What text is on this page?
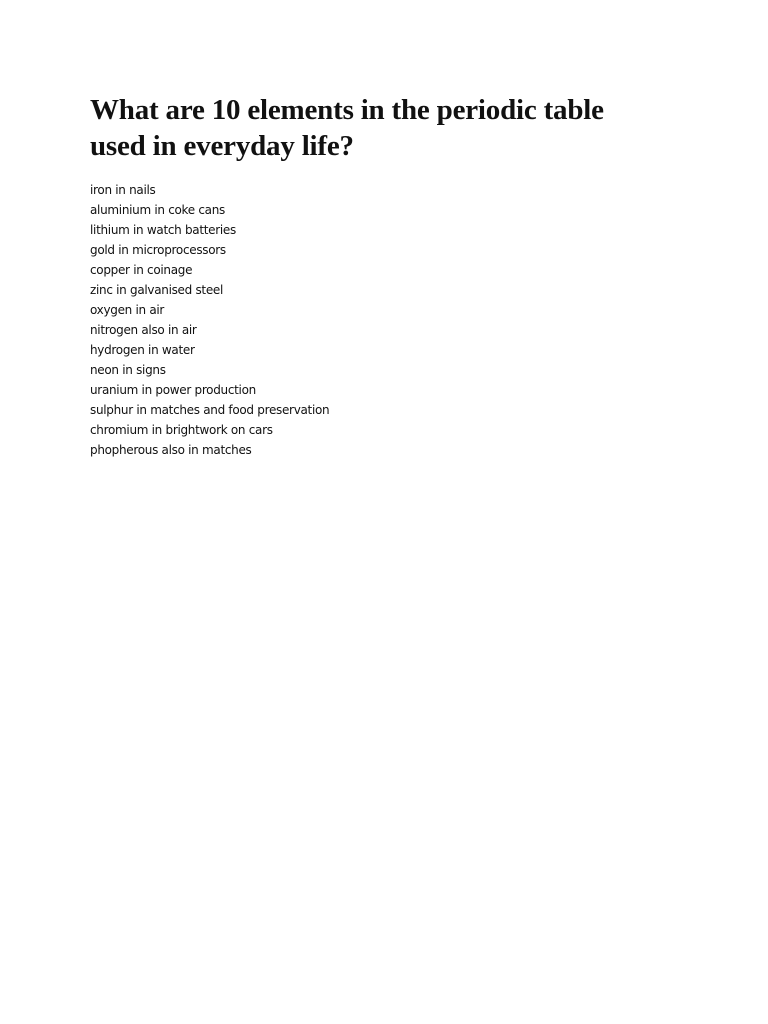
What are 10 elements in the periodic table
used in everyday life?
iron in nails
aluminium in coke cans
lithium in watch batteries
gold in microprocessors
copper in coinage
zinc in galvanised steel
oxygen in air
nitrogen also in air
hydrogen in water
neon in signs
uranium in power production
sulphur in matches and food preservation
chromium in brightwork on cars
phopherous also in matches
